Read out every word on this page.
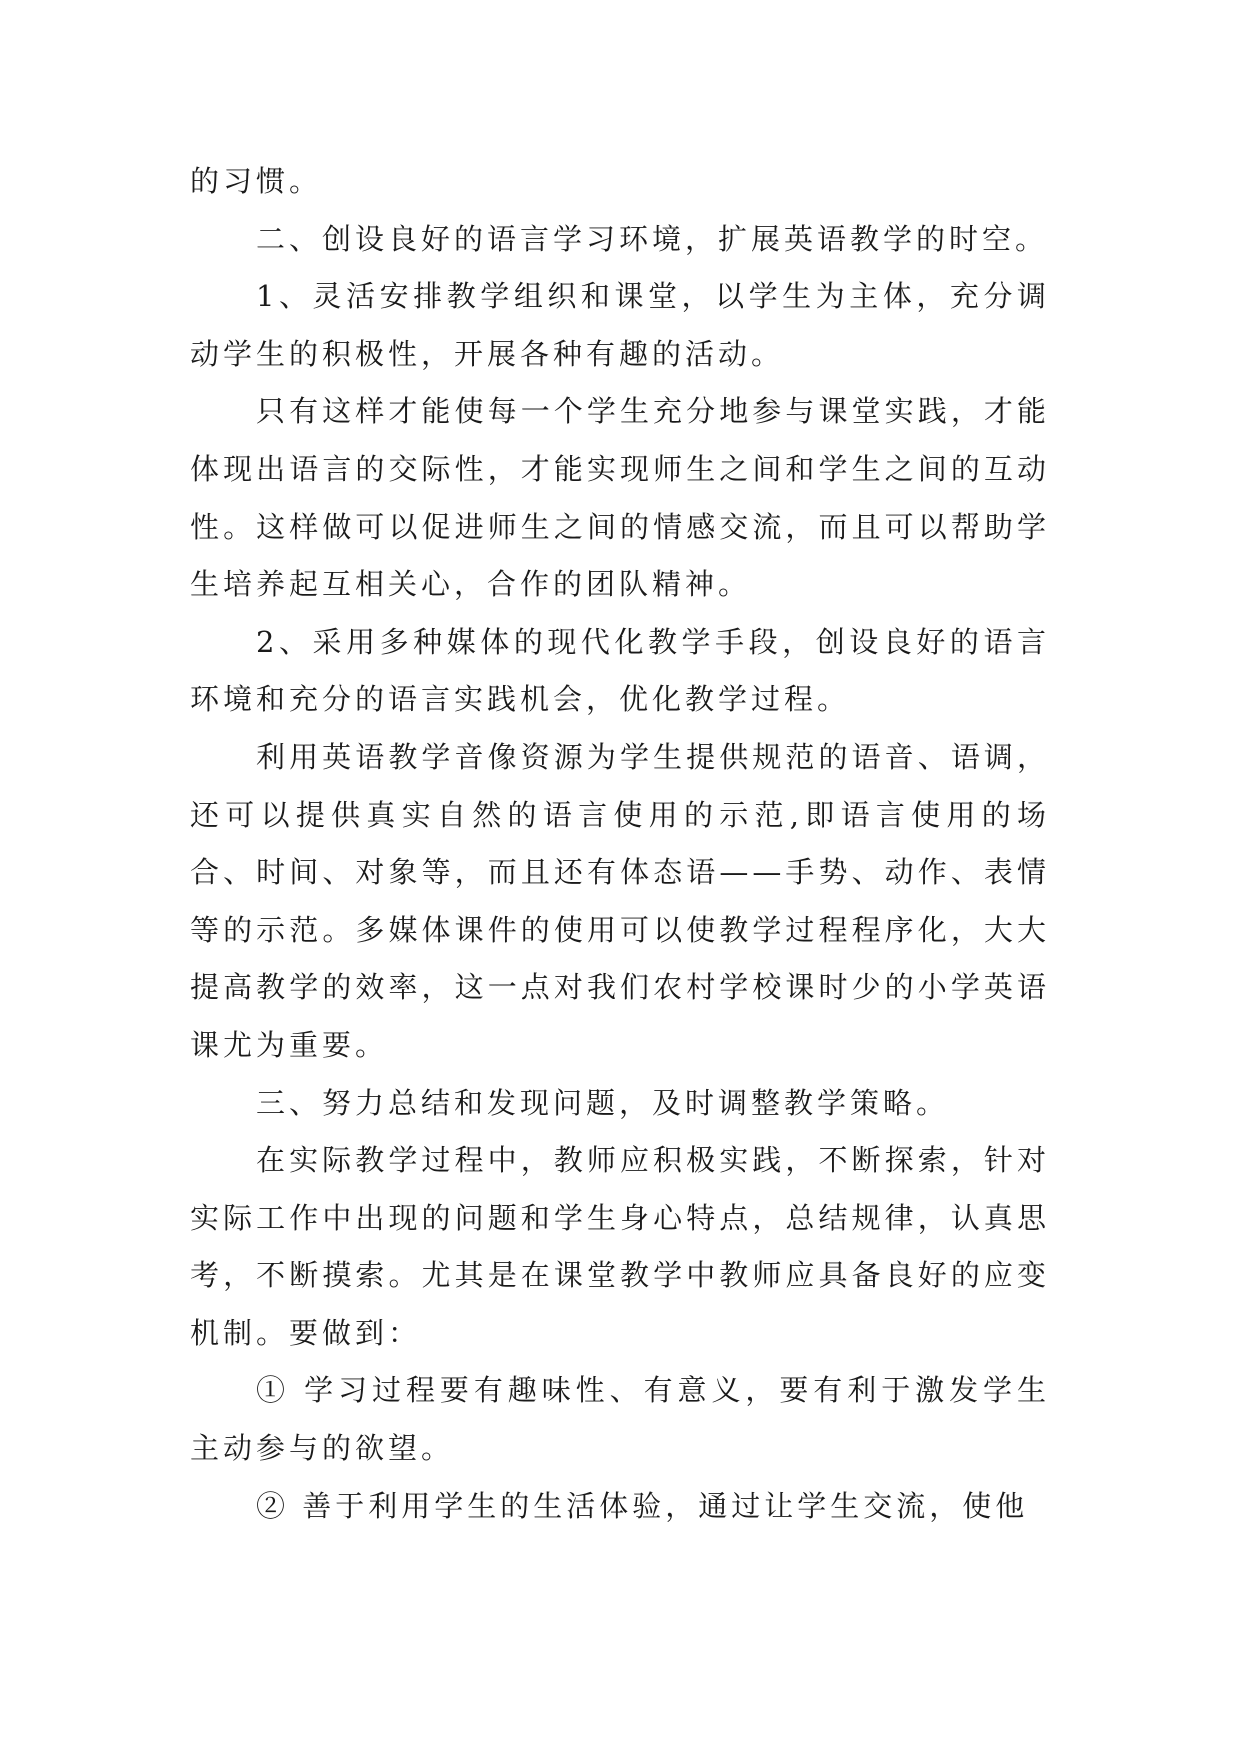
的习惯。

二、创设良好的语言学习环境，扩展英语教学的时空。

1、灵活安排教学组织和课堂，以学生为主体，充分调动学生的积极性，开展各种有趣的活动。

只有这样才能使每一个学生充分地参与课堂实践，才能体现出语言的交际性，才能实现师生之间和学生之间的互动性。这样做可以促进师生之间的情感交流，而且可以帮助学生培养起互相关心，合作的团队精神。

2、采用多种媒体的现代化教学手段，创设良好的语言环境和充分的语言实践机会，优化教学过程。

利用英语教学音像资源为学生提供规范的语音、语调，还可以提供真实自然的语言使用的示范,即语言使用的场合、时间、对象等，而且还有体态语——手势、动作、表情等的示范。多媒体课件的使用可以使教学过程程序化，大大提高教学的效率，这一点对我们农村学校课时少的小学英语课尤为重要。

三、努力总结和发现问题，及时调整教学策略。

在实际教学过程中，教师应积极实践，不断探索，针对实际工作中出现的问题和学生身心特点，总结规律，认真思考，不断摸索。尤其是在课堂教学中教师应具备良好的应变机制。要做到：

① 学习过程要有趣味性、有意义，要有利于激发学生主动参与的欲望。

② 善于利用学生的生活体验，通过让学生交流，使他
